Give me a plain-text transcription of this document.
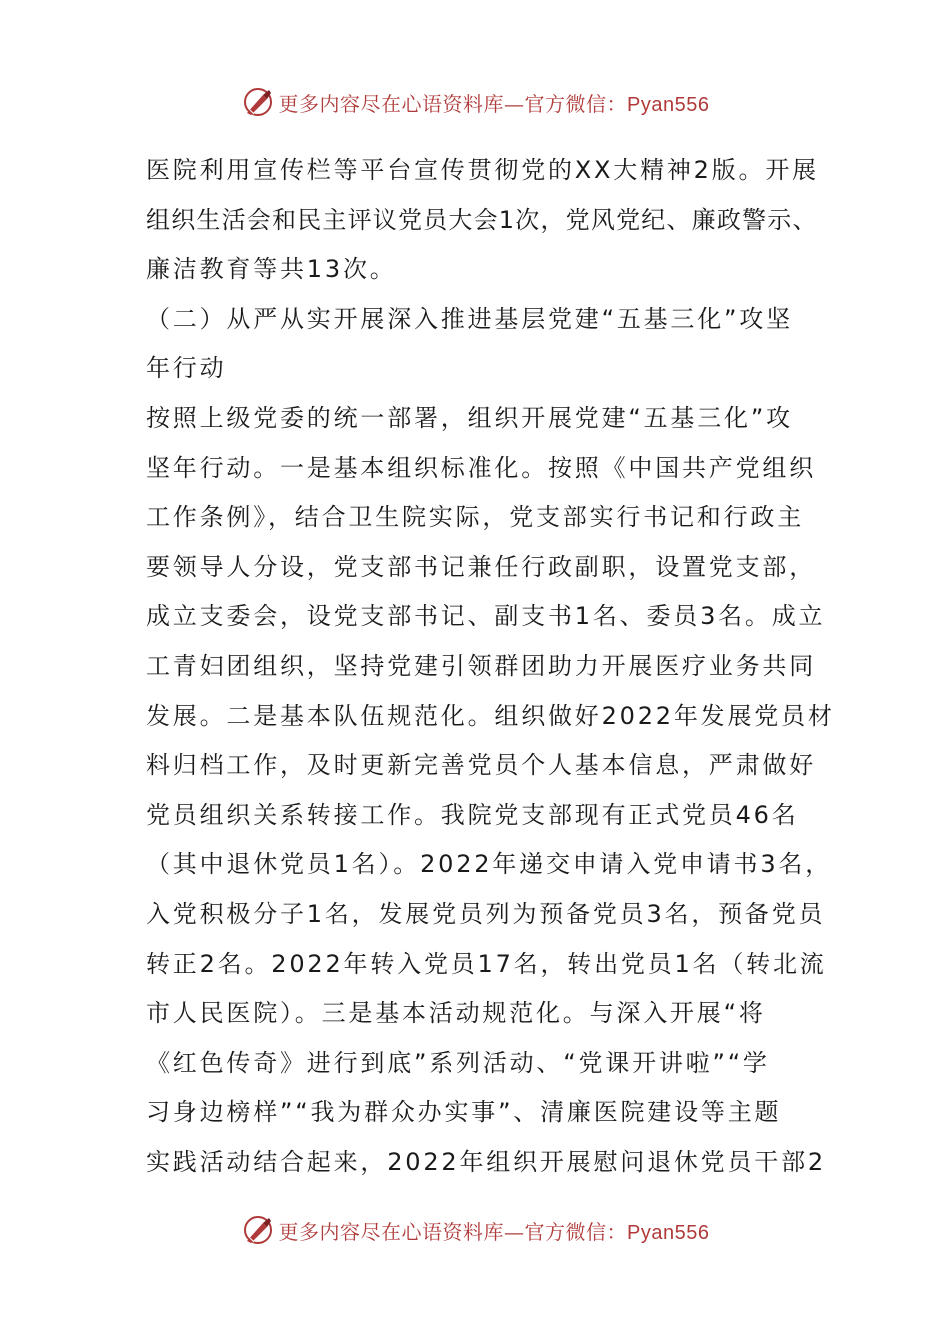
更多内容尽在心语资料库—官方微信：Pyan556
医院利用宣传栏等平台宣传贯彻党的XX大精神2版。开展
组织生活会和民主评议党员大会1次，党风党纪、廉政警示、
廉洁教育等共13次。
（二）从严从实开展深入推进基层党建“五基三化”攻坚
年行动
按照上级党委的统一部署，组织开展党建“五基三化”攻
坚年行动。一是基本组织标准化。按照《中国共产党组织
工作条例》，结合卫生院实际，党支部实行书记和行政主
要领导人分设，党支部书记兼任行政副职，设置党支部，
成立支委会，设党支部书记、副支书1名、委员3名。成立
工青妇团组织，坚持党建引领群团助力开展医疗业务共同
发展。二是基本队伍规范化。组织做好2022年发展党员材
料归档工作，及时更新完善党员个人基本信息，严肃做好
党员组织关系转接工作。我院党支部现有正式党员46名
（其中退休党员1名）。2022年递交申请入党申请书3名，
入党积极分子1名，发展党员列为预备党员3名，预备党员
转正2名。2022年转入党员17名，转出党员1名（转北流
市人民医院）。三是基本活动规范化。与深入开展“将
《红色传奇》进行到底”系列活动、“党课开讲啦”“学
习身边榜样”“我为群众办实事”、清廉医院建设等主题
实践活动结合起来，2022年组织开展慰问退休党员干部2
更多内容尽在心语资料库—官方微信：Pyan556
